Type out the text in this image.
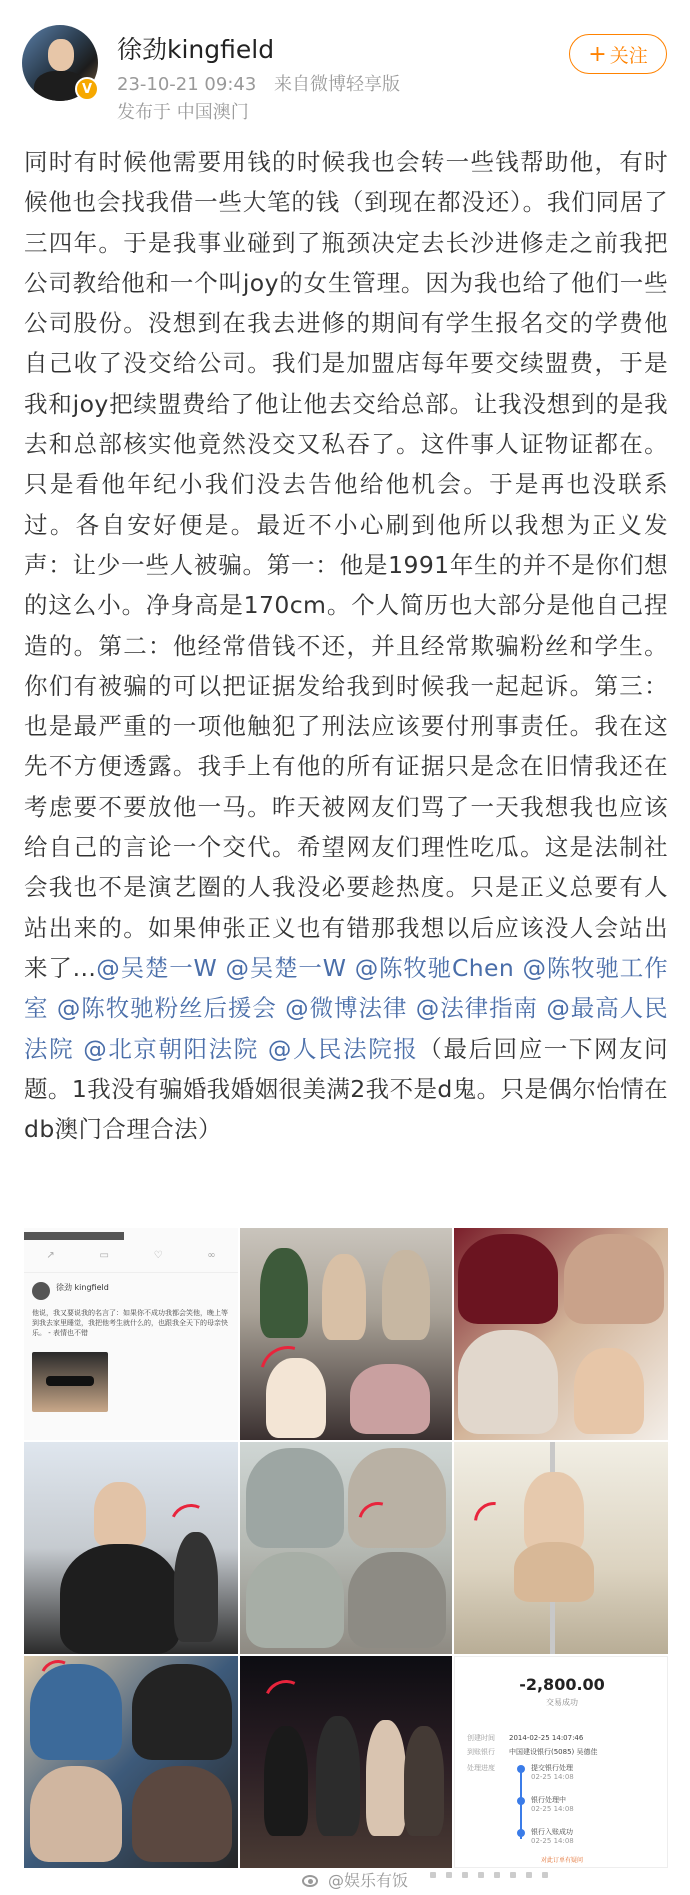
V
徐劲kingfield
23-10-21 09:43 来自微博轻享版
发布于 中国澳门
+ 关注
同时有时候他需要用钱的时候我也会转一些钱帮助他，有时候他也会找我借一些大笔的钱（到现在都没还）。我们同居了三四年。于是我事业碰到了瓶颈决定去长沙进修走之前我把公司教给他和一个叫joy的女生管理。因为我也给了他们一些公司股份。没想到在我去进修的期间有学生报名交的学费他自己收了没交给公司。我们是加盟店每年要交续盟费，于是我和joy把续盟费给了他让他去交给总部。让我没想到的是我去和总部核实他竟然没交又私吞了。这件事人证物证都在。只是看他年纪小我们没去告他给他机会。于是再也没联系过。各自安好便是。最近不小心刷到他所以我想为正义发声：让少一些人被骗。第一：他是1991年生的并不是你们想的这么小。净身高是170cm。个人简历也大部分是他自己捏造的。第二：他经常借钱不还，并且经常欺骗粉丝和学生。你们有被骗的可以把证据发给我到时候我一起起诉。第三：也是最严重的一项他触犯了刑法应该要付刑事责任。我在这先不方便透露。我手上有他的所有证据只是念在旧情我还在考虑要不要放他一马。昨天被网友们骂了一天我想我也应该给自己的言论一个交代。希望网友们理性吃瓜。这是法制社会我也不是演艺圈的人我没必要趁热度。只是正义总要有人站出来的。如果伸张正义也有错那我想以后应该没人会站出来了...@吴楚一W @吴楚一W @陈牧驰Chen @陈牧驰工作室 @陈牧驰粉丝后援会 @微博法律 @法律指南 @最高人民法院 @北京朝阳法院 @人民法院报（最后回应一下网友问题。1我没有骗婚我婚姻很美满2我不是d鬼。只是偶尔怡情在db澳门合理合法）
↗	▭	♡	∞
徐劲 kingfield
他说，我又要说我的名言了：如果你不成功我都会笑他，晚上等到我去家里睡觉，我把他考生就什么的，也跟我全天下的母亲快乐。 - 表情也不错
-2,800.00
交易成功
创建时间 2014-02-25 14:07:46
到账银行 中国建设银行(5085) 吴德佳
处理进度	提交银行处理
02-25 14:08
银行处理中
02-25 14:08
银行入账成功
02-25 14:08
对此订单有疑问
@娱乐有饭
